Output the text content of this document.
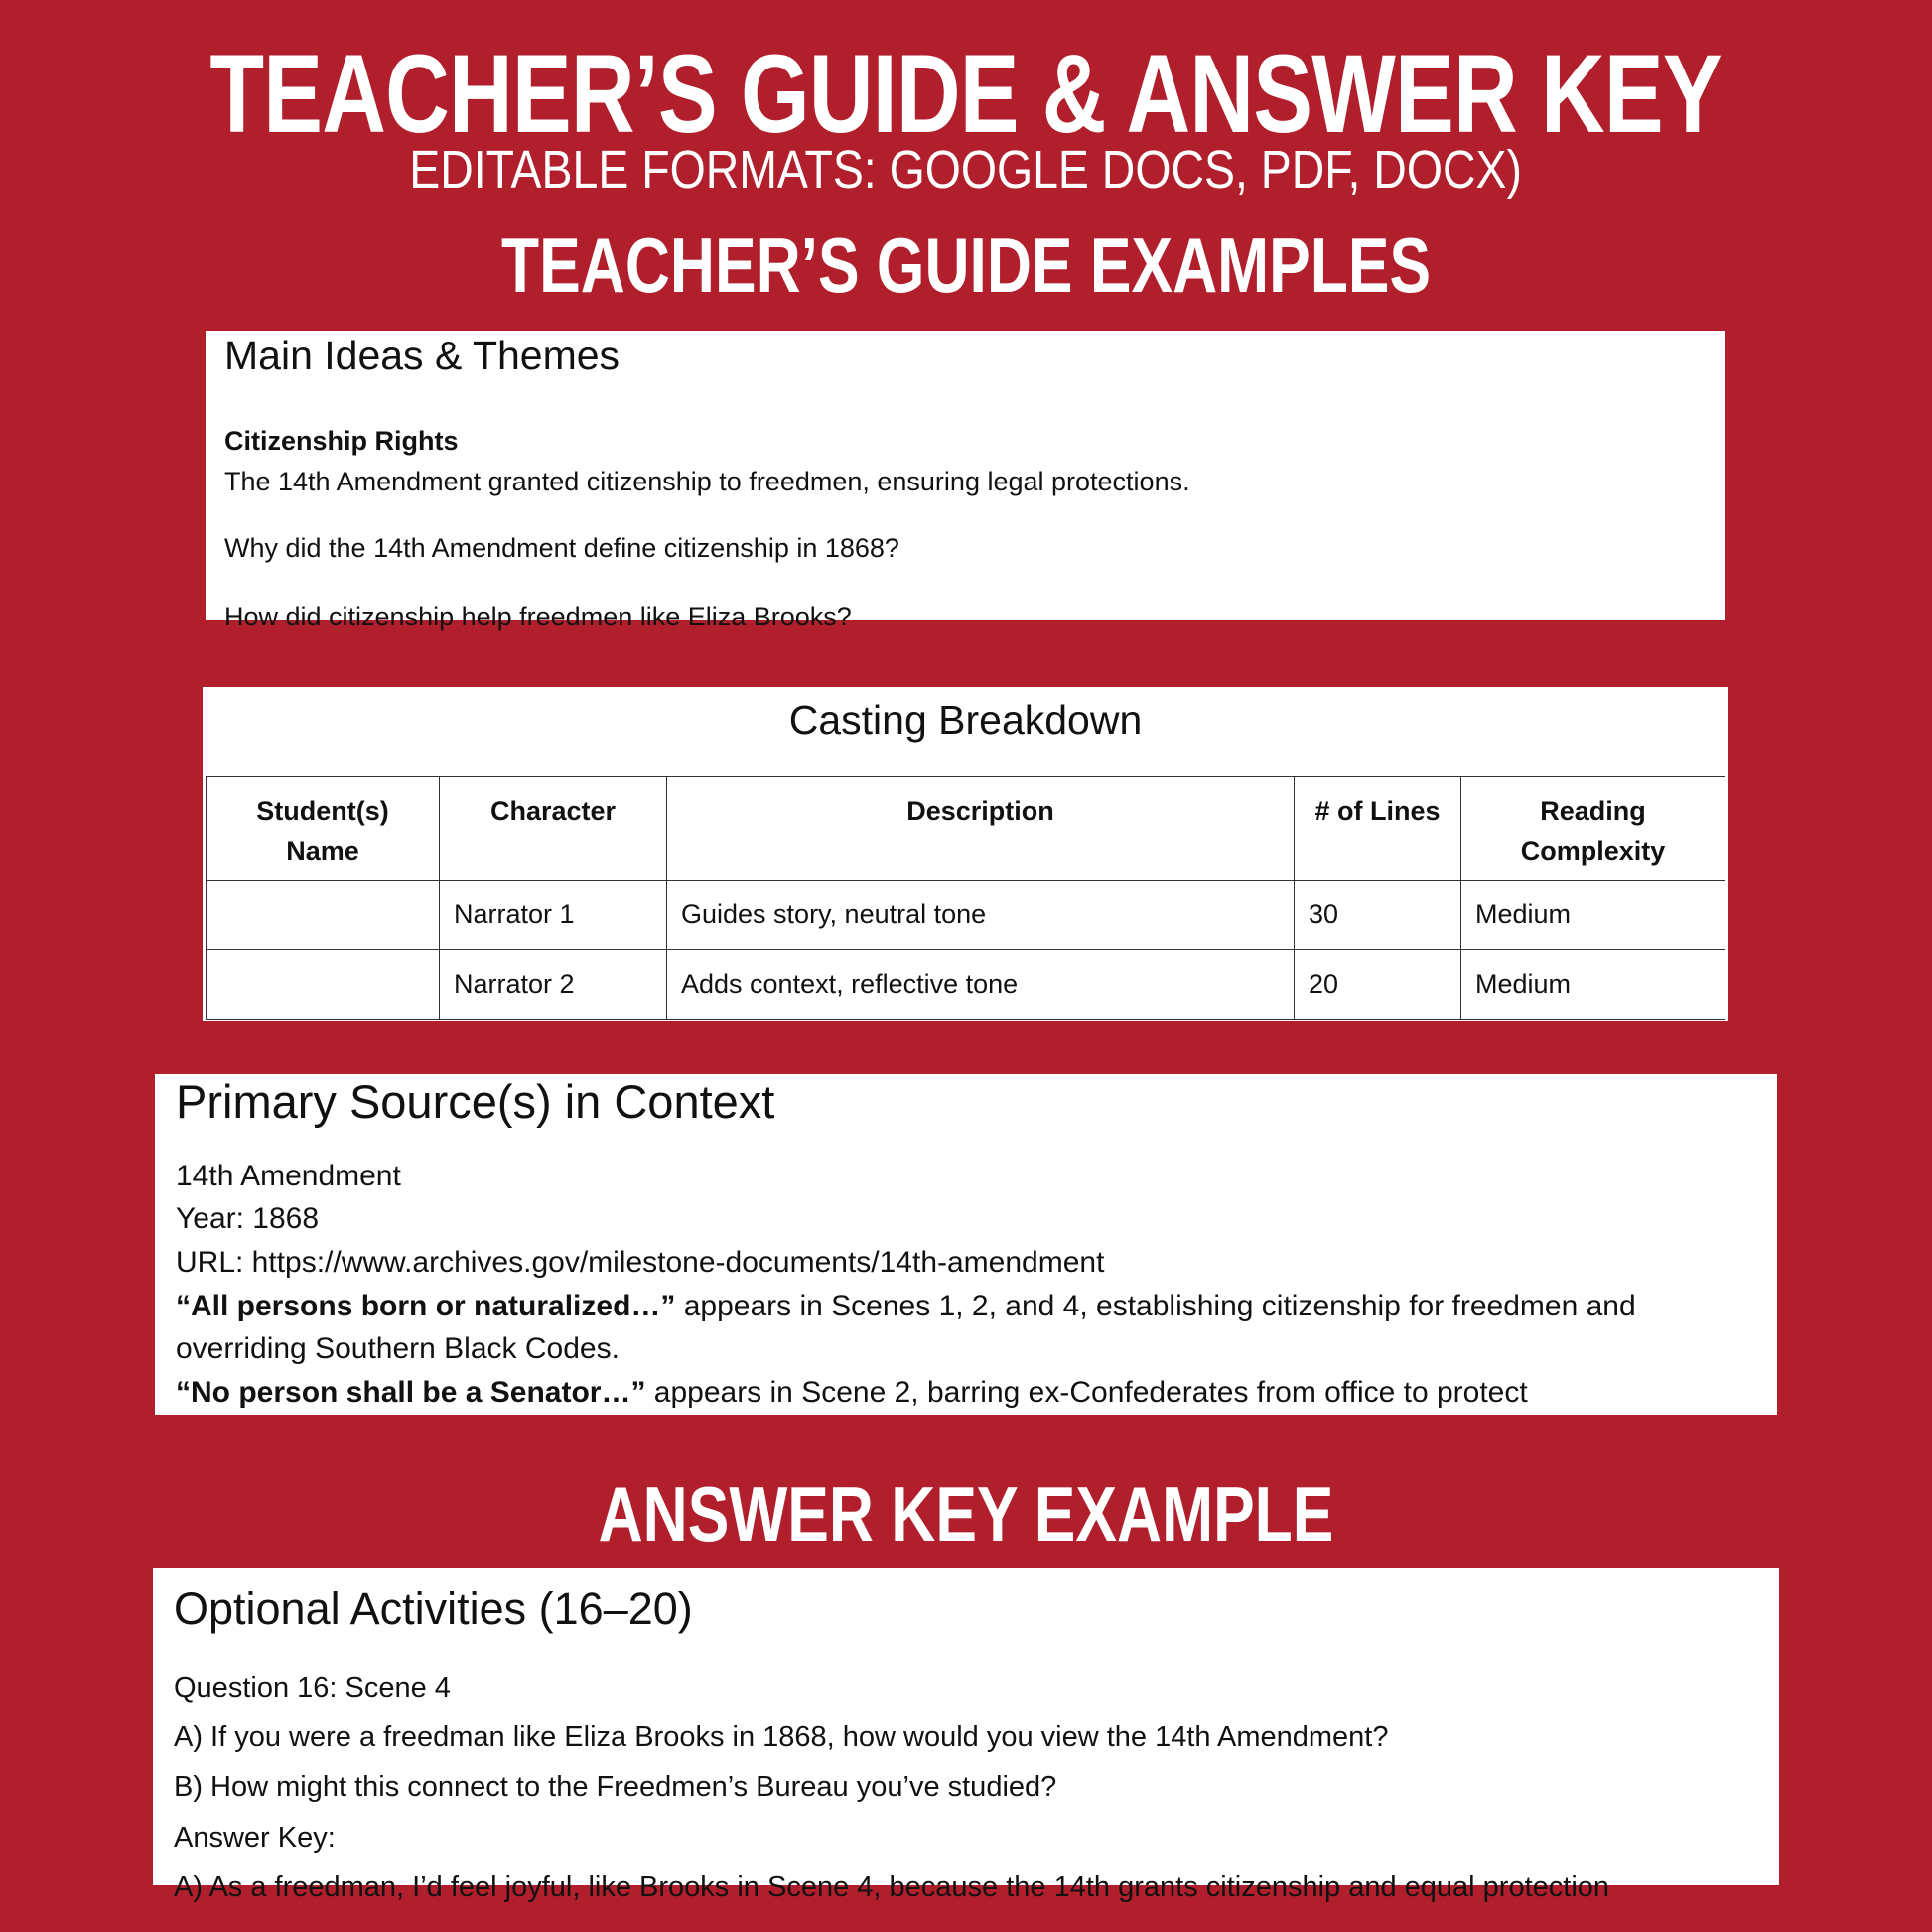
TEACHER’S GUIDE & ANSWER KEY
EDITABLE FORMATS: GOOGLE DOCS, PDF, DOCX)
TEACHER’S GUIDE EXAMPLES
Main Ideas & Themes
Citizenship Rights
The 14th Amendment granted citizenship to freedmen, ensuring legal protections.
Why did the 14th Amendment define citizenship in 1868?
How did citizenship help freedmen like Eliza Brooks?
Casting Breakdown
Student(s) Name	Character	Description	# of Lines	Reading Complexity
	Narrator 1	Guides story, neutral tone	30	Medium
	Narrator 2	Adds context, reflective tone	20	Medium
Primary Source(s) in Context
14th Amendment
Year: 1868
URL: https://www.archives.gov/milestone-documents/14th-amendment
“All persons born or naturalized…” appears in Scenes 1, 2, and 4, establishing citizenship for freedmen and
overriding Southern Black Codes.
“No person shall be a Senator…” appears in Scene 2, barring ex-Confederates from office to protect
ANSWER KEY EXAMPLE
Optional Activities (16–20)
Question 16: Scene 4
A) If you were a freedman like Eliza Brooks in 1868, how would you view the 14th Amendment?
B) How might this connect to the Freedmen’s Bureau you’ve studied?
Answer Key:
A) As a freedman, I’d feel joyful, like Brooks in Scene 4, because the 14th grants citizenship and equal protection
